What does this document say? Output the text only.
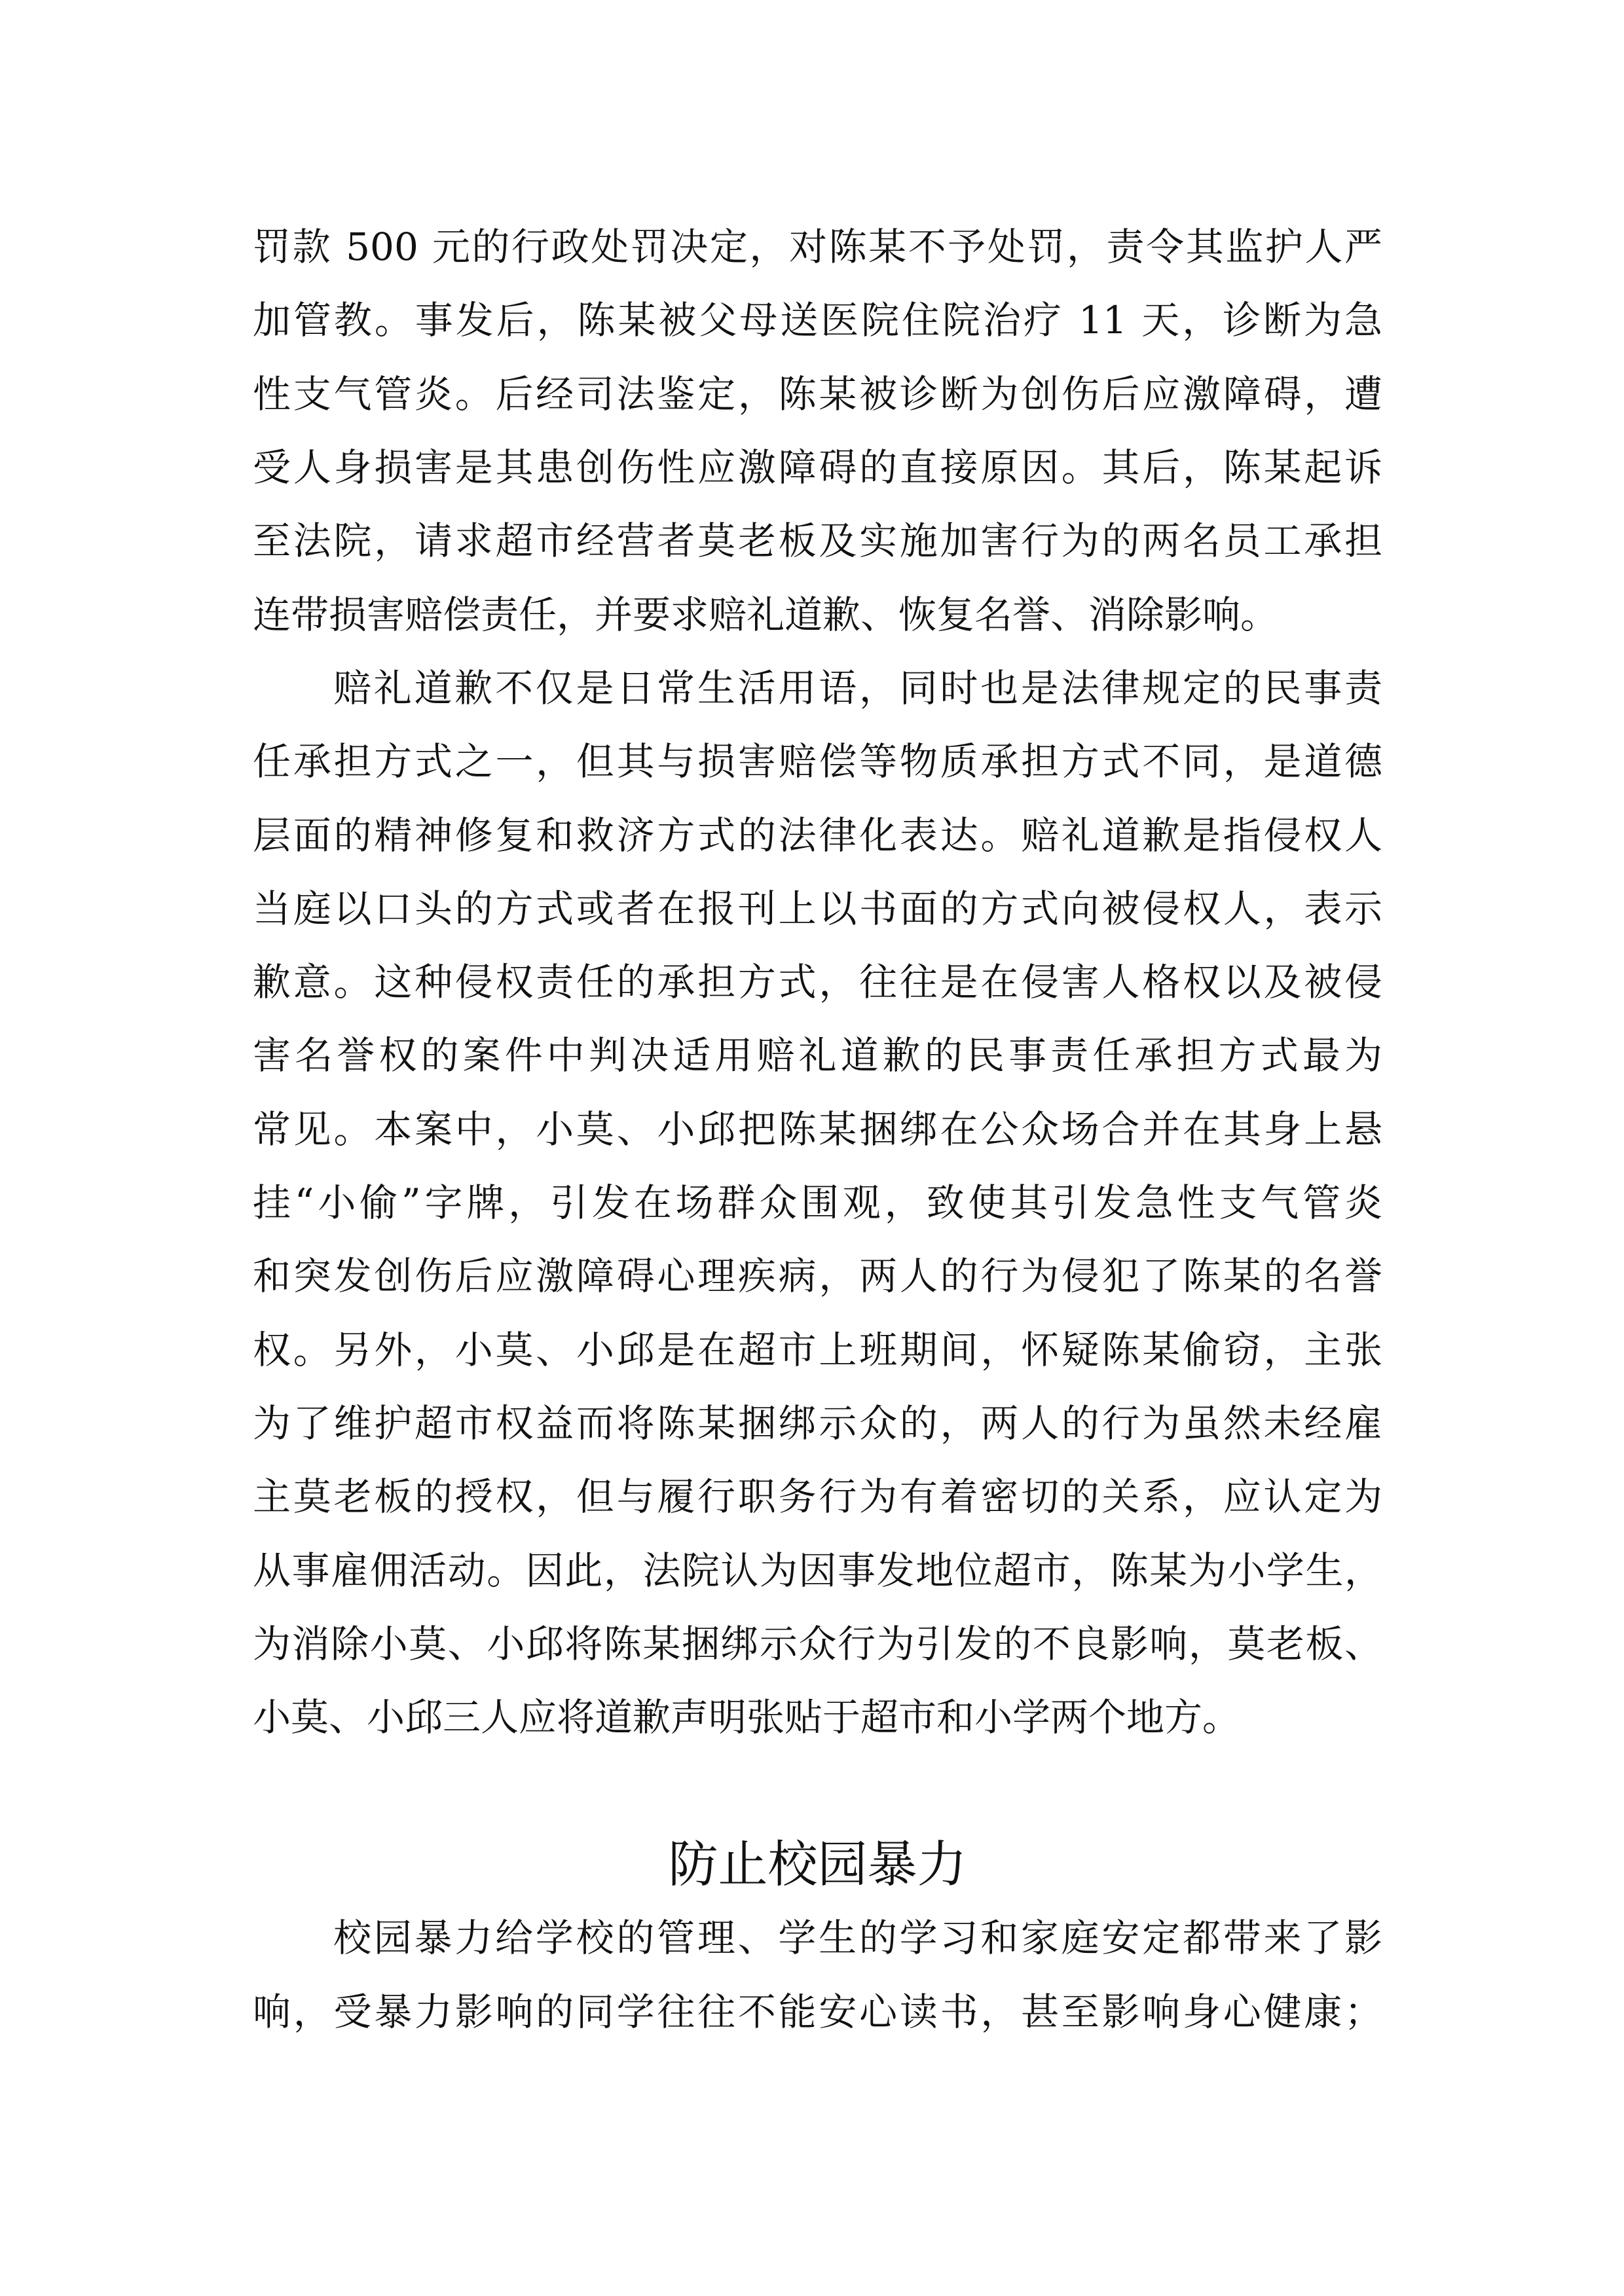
罚款 500 元的行政处罚决定，对陈某不予处罚，责令其监护人严
加管教。事发后，陈某被父母送医院住院治疗 11 天，诊断为急
性支气管炎。后经司法鉴定，陈某被诊断为创伤后应激障碍，遭
受人身损害是其患创伤性应激障碍的直接原因。其后，陈某起诉
至法院，请求超市经营者莫老板及实施加害行为的两名员工承担
连带损害赔偿责任，并要求赔礼道歉、恢复名誉、消除影响。
赔礼道歉不仅是日常生活用语，同时也是法律规定的民事责
任承担方式之一，但其与损害赔偿等物质承担方式不同，是道德
层面的精神修复和救济方式的法律化表达。赔礼道歉是指侵权人
当庭以口头的方式或者在报刊上以书面的方式向被侵权人，表示
歉意。这种侵权责任的承担方式，往往是在侵害人格权以及被侵
害名誉权的案件中判决适用赔礼道歉的民事责任承担方式最为
常见。本案中，小莫、小邱把陈某捆绑在公众场合并在其身上悬
挂“小偷”字牌，引发在场群众围观，致使其引发急性支气管炎
和突发创伤后应激障碍心理疾病，两人的行为侵犯了陈某的名誉
权。另外，小莫、小邱是在超市上班期间，怀疑陈某偷窃，主张
为了维护超市权益而将陈某捆绑示众的，两人的行为虽然未经雇
主莫老板的授权，但与履行职务行为有着密切的关系，应认定为
从事雇佣活动。因此，法院认为因事发地位超市，陈某为小学生，
为消除小莫、小邱将陈某捆绑示众行为引发的不良影响，莫老板、
小莫、小邱三人应将道歉声明张贴于超市和小学两个地方。
防止校园暴力
校园暴力给学校的管理、学生的学习和家庭安定都带来了影
响，受暴力影响的同学往往不能安心读书，甚至影响身心健康；
